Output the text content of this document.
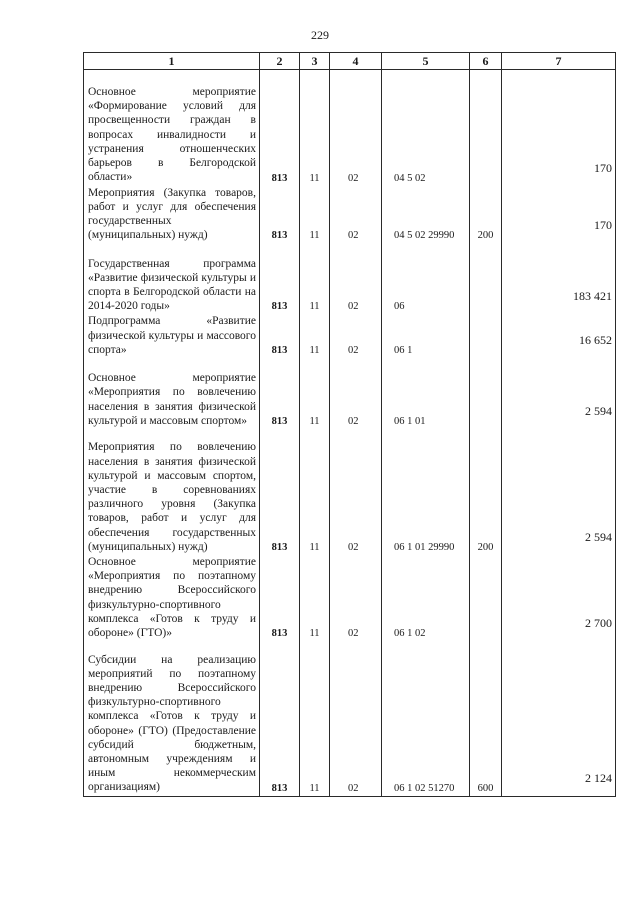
229
1	2	3	4	5	6	7
Основное мероприятие «Формирование условий для просвещенности граждан в вопросах инвалидности и устранения отношенческих барьеров в Белгородской области»	813	11	02	04 5 02		170
Мероприятия (Закупка товаров, работ и услуг для обеспечения государственных (муниципальных) нужд)	813	11	02	04 5 02 29990	200	170
Государственная программа «Развитие физической культуры и спорта в Белгородской области на 2014-2020 годы»	813	11	02	06		183 421
Подпрограмма «Развитие физической культуры и массового спорта»	813	11	02	06 1		16 652
Основное мероприятие «Мероприятия по вовлечению населения в занятия физической культурой и массовым спортом»	813	11	02	06 1 01		2 594
Мероприятия по вовлечению населения в занятия физической культурой и массовым спортом, участие в соревнованиях различного уровня (Закупка товаров, работ и услуг для обеспечения государственных (муниципальных) нужд)	813	11	02	06 1 01 29990	200	2 594
Основное мероприятие «Мероприятия по поэтапному внедрению Всероссийского физкультурно-спортивного комплекса «Готов к труду и обороне» (ГТО)»	813	11	02	06 1 02		2 700
Субсидии на реализацию мероприятий по поэтапному внедрению Всероссийского физкультурно-спортивного комплекса «Готов к труду и обороне» (ГТО) (Предоставление субсидий бюджетным, автономным учреждениям и иным некоммерческим организациям)	813	11	02	06 1 02 51270	600	2 124
